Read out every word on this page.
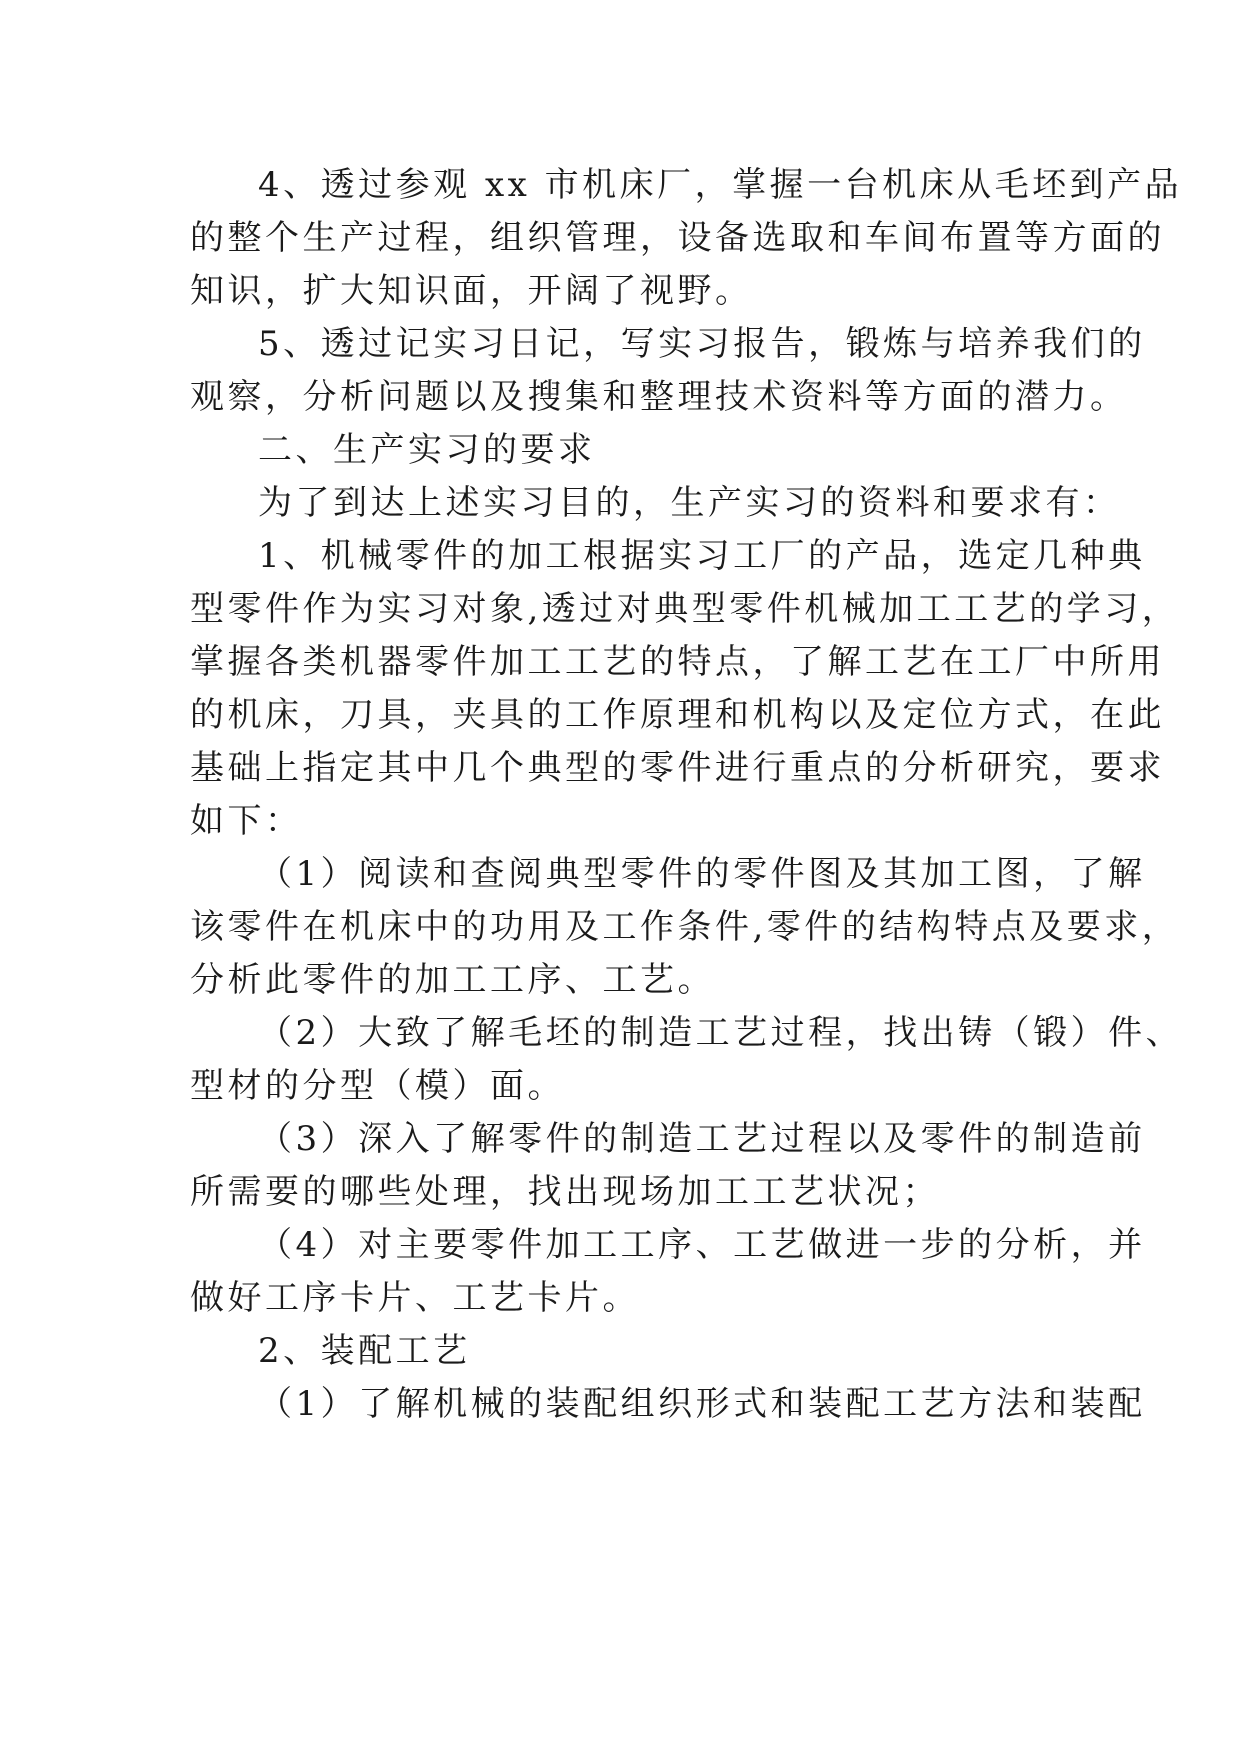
4、透过参观 xx 市机床厂，掌握一台机床从毛坯到产品
的整个生产过程，组织管理，设备选取和车间布置等方面的
知识，扩大知识面，开阔了视野。
5、透过记实习日记，写实习报告，锻炼与培养我们的
观察，分析问题以及搜集和整理技术资料等方面的潜力。
二、生产实习的要求
为了到达上述实习目的，生产实习的资料和要求有：
1、机械零件的加工根据实习工厂的产品，选定几种典
型零件作为实习对象,透过对典型零件机械加工工艺的学习，
掌握各类机器零件加工工艺的特点，了解工艺在工厂中所用
的机床，刀具，夹具的工作原理和机构以及定位方式，在此
基础上指定其中几个典型的零件进行重点的分析研究，要求
如下：
（1）阅读和查阅典型零件的零件图及其加工图，了解
该零件在机床中的功用及工作条件,零件的结构特点及要求，
分析此零件的加工工序、工艺。
（2）大致了解毛坯的制造工艺过程，找出铸（锻）件、
型材的分型（模）面。
（3）深入了解零件的制造工艺过程以及零件的制造前
所需要的哪些处理，找出现场加工工艺状况；
（4）对主要零件加工工序、工艺做进一步的分析，并
做好工序卡片、工艺卡片。
2、装配工艺
（1）了解机械的装配组织形式和装配工艺方法和装配
